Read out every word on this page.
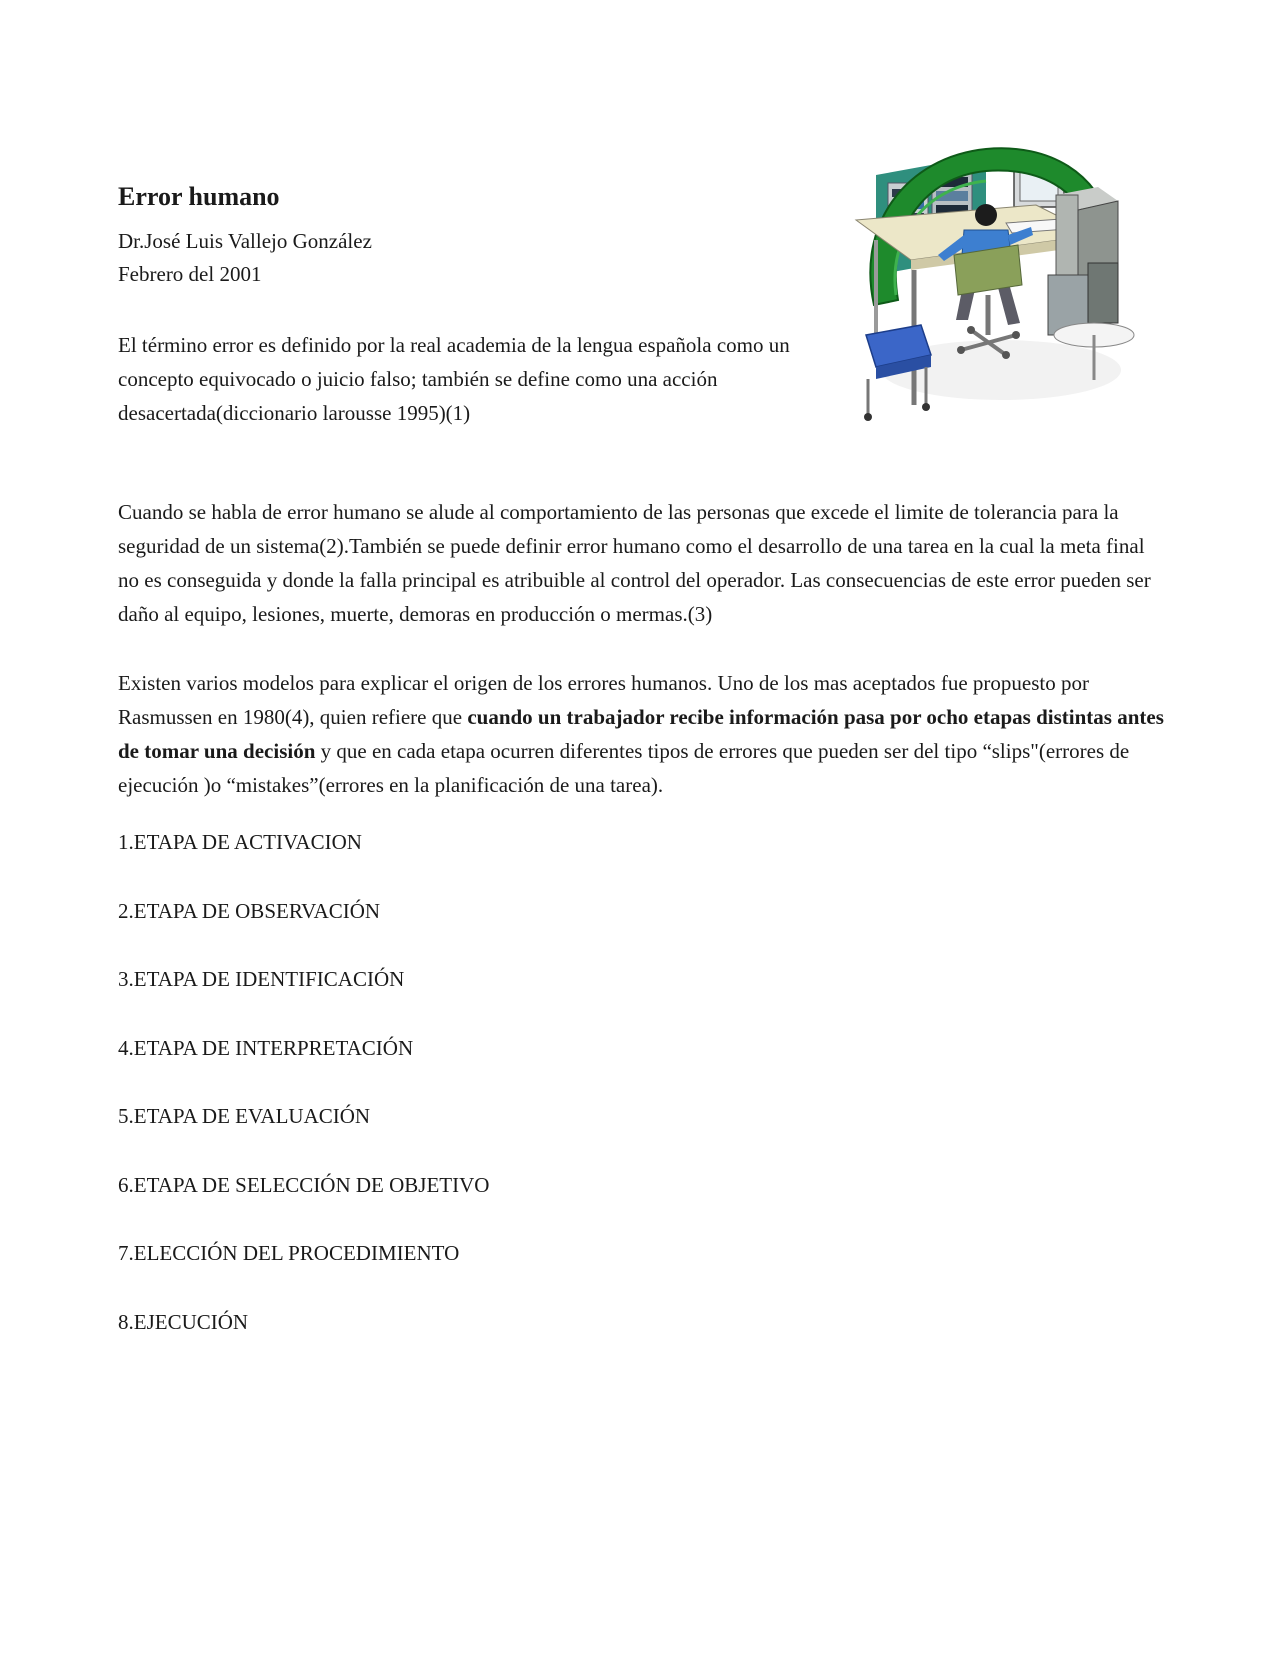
Error humano

Dr.José Luis Vallejo González

Febrero del 2001

El término error es definido por la real academia de la lengua española como un concepto equivocado o juicio falso; también se define como una acción desacertada(diccionario larousse 1995)(1)

Cuando se habla de error humano se alude al comportamiento de las personas que excede el limite de tolerancia para la seguridad de un sistema(2).También se puede definir error humano como el desarrollo de una tarea en la cual la meta final no es conseguida y donde la falla principal es atribuible al control del operador. Las consecuencias de este error pueden ser daño al equipo, lesiones, muerte, demoras en producción o mermas.(3)

Existen varios modelos para explicar el origen de los errores humanos. Uno de los mas aceptados fue propuesto por Rasmussen en 1980(4), quien refiere que cuando un trabajador recibe información pasa por ocho etapas distintas antes de tomar una decisión y que en cada etapa ocurren diferentes tipos de errores que pueden ser del tipo “slips"(errores de ejecución )o “mistakes”(errores en la planificación de una tarea).

1.ETAPA DE ACTIVACION
2.ETAPA DE OBSERVACIÓN
3.ETAPA DE IDENTIFICACIÓN
4.ETAPA DE INTERPRETACIÓN
5.ETAPA DE EVALUACIÓN
6.ETAPA DE SELECCIÓN DE OBJETIVO
7.ELECCIÓN DEL PROCEDIMIENTO
8.EJECUCIÓN
